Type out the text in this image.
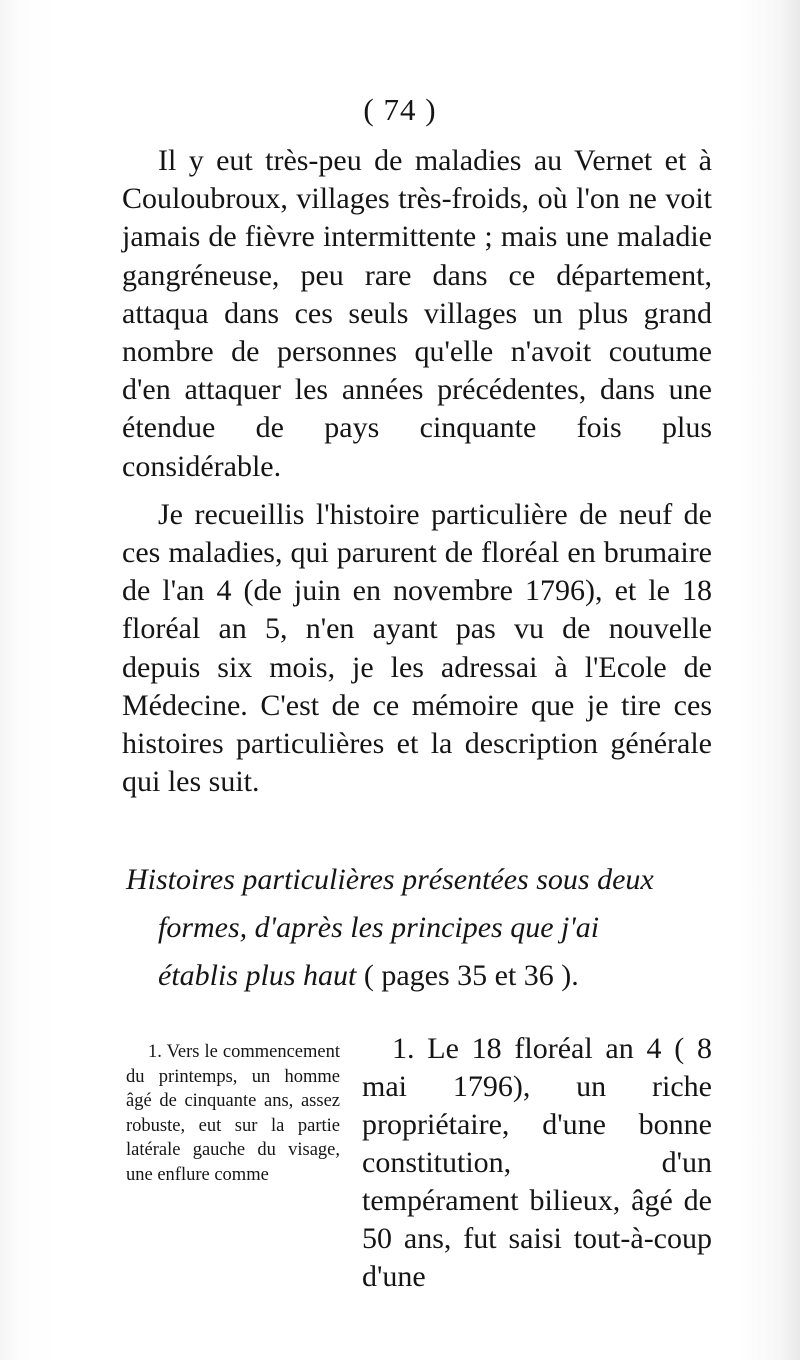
( 74 )

Il y eut très-peu de maladies au Vernet et à Couloubroux, villages très-froids, où l'on ne voit jamais de fièvre intermittente ; mais une maladie gangréneuse, peu rare dans ce département, attaqua dans ces seuls villages un plus grand nombre de personnes qu'elle n'avoit coutume d'en attaquer les années précédentes, dans une étendue de pays cinquante fois plus considérable.

Je recueillis l'histoire particulière de neuf de ces maladies, qui parurent de floréal en brumaire de l'an 4 (de juin en novembre 1796), et le 18 floréal an 5, n'en ayant pas vu de nouvelle depuis six mois, je les adressai à l'Ecole de Médecine. C'est de ce mémoire que je tire ces histoires particulières et la description générale qui les suit.

Histoires particulières présentées sous deux
formes, d'après les principes que j'ai
établis plus haut ( pages 35 et 36 ).

1. Vers le commencement du printemps, un homme âgé de cinquante ans, assez robuste, eut sur la partie latérale gauche du visage, une enflure comme

1. Le 18 floréal an 4 ( 8 mai 1796), un riche propriétaire, d'une bonne constitution, d'un tempérament bilieux, âgé de 50 ans, fut saisi tout-à-coup d'une
